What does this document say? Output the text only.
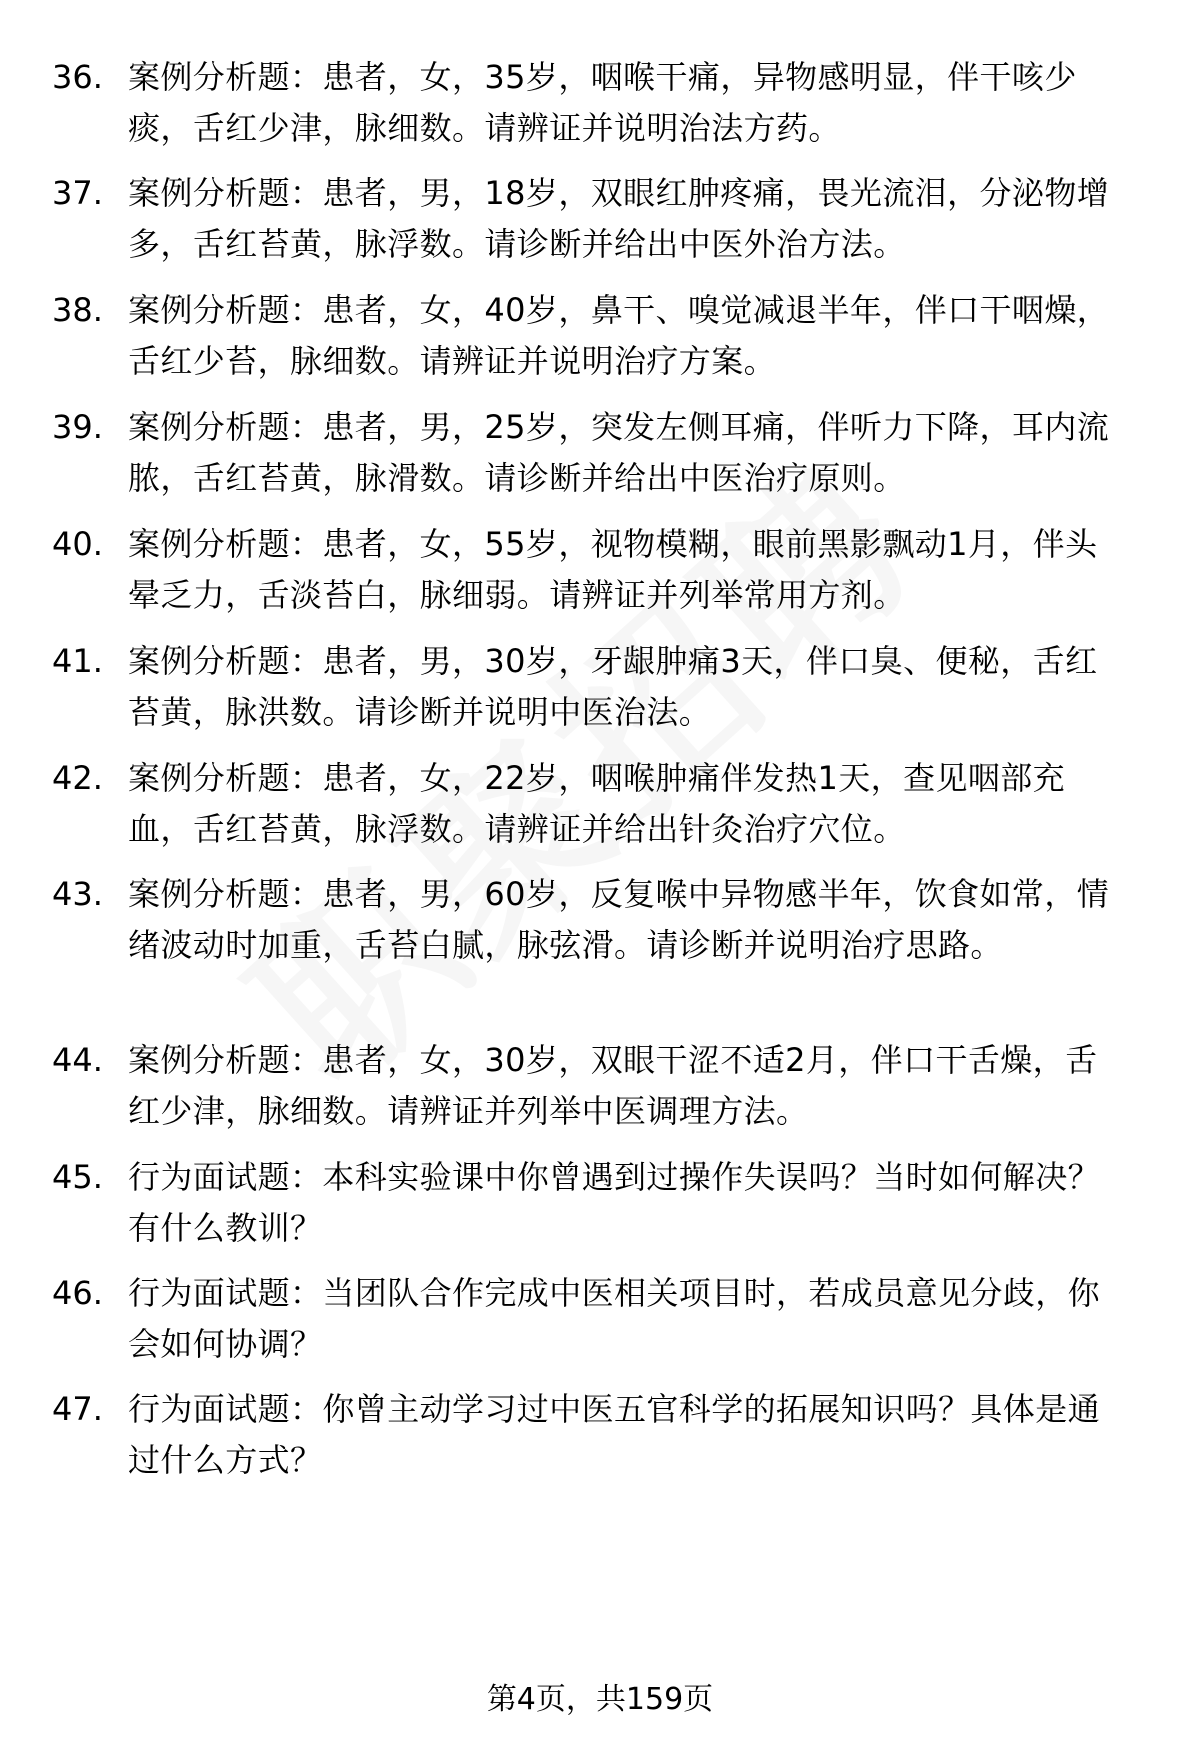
36. 案例分析题：患者，女，35岁，咽喉干痛，异物感明显，伴干咳少痰，舌红少津，脉细数。请辨证并说明治法方药。
37. 案例分析题：患者，男，18岁，双眼红肿疼痛，畏光流泪，分泌物增多，舌红苔黄，脉浮数。请诊断并给出中医外治方法。
38. 案例分析题：患者，女，40岁，鼻干、嗅觉减退半年，伴口干咽燥，舌红少苔，脉细数。请辨证并说明治疗方案。
39. 案例分析题：患者，男，25岁，突发左侧耳痛，伴听力下降，耳内流脓，舌红苔黄，脉滑数。请诊断并给出中医治疗原则。
40. 案例分析题：患者，女，55岁，视物模糊，眼前黑影飘动1月，伴头晕乏力，舌淡苔白，脉细弱。请辨证并列举常用方剂。
41. 案例分析题：患者，男，30岁，牙龈肿痛3天，伴口臭、便秘，舌红苔黄，脉洪数。请诊断并说明中医治法。
42. 案例分析题：患者，女，22岁，咽喉肿痛伴发热1天，查见咽部充血，舌红苔黄，脉浮数。请辨证并给出针灸治疗穴位。
43. 案例分析题：患者，男，60岁，反复喉中异物感半年，饮食如常，情绪波动时加重，舌苔白腻，脉弦滑。请诊断并说明治疗思路。
44. 案例分析题：患者，女，30岁，双眼干涩不适2月，伴口干舌燥，舌红少津，脉细数。请辨证并列举中医调理方法。
45. 行为面试题：本科实验课中你曾遇到过操作失误吗？当时如何解决？有什么教训？
46. 行为面试题：当团队合作完成中医相关项目时，若成员意见分歧，你会如何协调？
47. 行为面试题：你曾主动学习过中医五官科学的拓展知识吗？具体是通过什么方式？
第4页，共159页
